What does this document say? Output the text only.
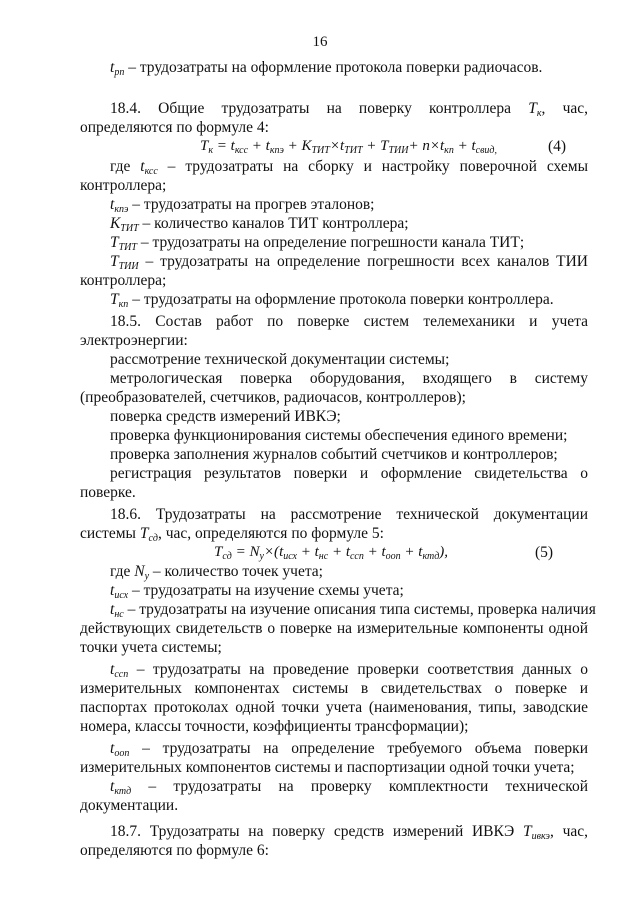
16
$t_{рп}$ – трудозатраты на оформление протокола поверки радиочасов.
18.4. Общие трудозатраты на поверку контроллера $Т_к$, час,
определяются по формуле 4:
$Т_к = t_{ксс} + t_{кпэ} + К_{ТИТ}\times t_{ТИТ} + Т_{ТИИ}+ n\times t_{кп} + t_{свид,}$	(4)
где $t_{ксс}$ – трудозатраты на сборку и настройку поверочной схемы
контроллера;
$t_{кпэ}$ – трудозатраты на прогрев эталонов;
$К_{ТИТ}$ – количество каналов ТИТ контроллера;
$Т_{ТИТ}$ – трудозатраты на определение погрешности канала ТИТ;
$Т_{ТИИ}$ – трудозатраты на определение погрешности всех каналов ТИИ
контроллера;
$Т_{кп}$ – трудозатраты на оформление протокола поверки контроллера.
18.5. Состав работ по поверке систем телемеханики и учета
электроэнергии:
рассмотрение технической документации системы;
метрологическая поверка оборудования, входящего в систему
(преобразователей, счетчиков, радиочасов, контроллеров);
поверка средств измерений ИВКЭ;
проверка функционирования системы обеспечения единого времени;
проверка заполнения журналов событий счетчиков и контроллеров;
регистрация результатов поверки и оформление свидетельства о
поверке.
18.6. Трудозатраты на рассмотрение технической документации
системы $Т_{сд}$, час, определяются по формуле 5:
$Т_{сд} = N_у\times(t_{исх} + t_{нс} + t_{ссп} + t_{ооп} + t_{ктд})$,	(5)
где $N_у$ – количество точек учета;
$t_{исх}$ – трудозатраты на изучение схемы учета;
$t_{нс}$ – трудозатраты на изучение описания типа системы, проверка наличия
действующих свидетельств о поверке на измерительные компоненты одной
точки учета системы;
$t_{ссп}$ – трудозатраты на проведение проверки соответствия данных о
измерительных компонентах системы в свидетельствах о поверке и
паспортах протоколах одной точки учета (наименования, типы, заводские
номера, классы точности, коэффициенты трансформации);
$t_{ооп}$ – трудозатраты на определение требуемого объема поверки
измерительных компонентов системы и паспортизации одной точки учета;
$t_{ктд}$ – трудозатраты на проверку комплектности технической
документации.
18.7. Трудозатраты на поверку средств измерений ИВКЭ $Т_{ивкэ}$, час,
определяются по формуле 6:
